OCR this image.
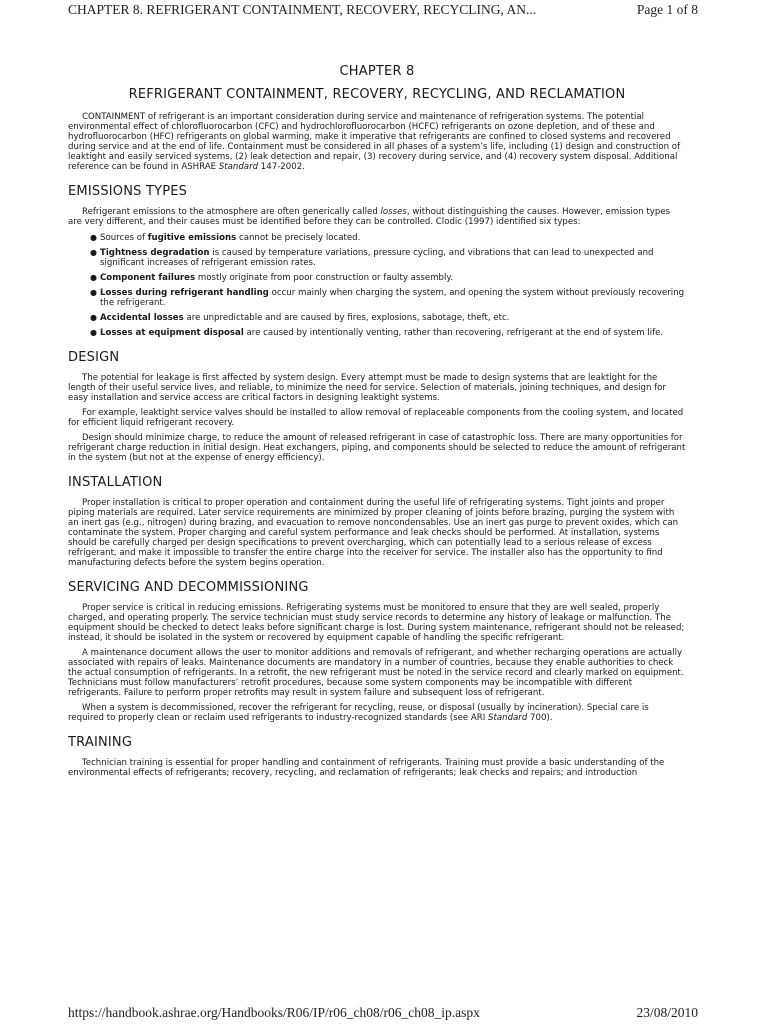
CHAPTER 8. REFRIGERANT CONTAINMENT, RECOVERY, RECYCLING, AN...	Page 1 of 8
CHAPTER 8
REFRIGERANT CONTAINMENT, RECOVERY, RECYCLING, AND RECLAMATION

CONTAINMENT of refrigerant is an important consideration during service and maintenance of refrigeration systems. The potential environmental effect of chlorofluorocarbon (CFC) and hydrochlorofluorocarbon (HCFC) refrigerants on ozone depletion, and of these and hydrofluorocarbon (HFC) refrigerants on global warming, make it imperative that refrigerants are confined to closed systems and recovered during service and at the end of life. Containment must be considered in all phases of a system’s life, including (1) design and construction of leaktight and easily serviced systems, (2) leak detection and repair, (3) recovery during service, and (4) recovery system disposal. Additional reference can be found in ASHRAE Standard 147-2002.

EMISSIONS TYPES

Refrigerant emissions to the atmosphere are often generically called losses, without distinguishing the causes. However, emission types are very different, and their causes must be identified before they can be controlled. Clodic (1997) identified six types:

● Sources of fugitive emissions cannot be precisely located.
● Tightness degradation is caused by temperature variations, pressure cycling, and vibrations that can lead to unexpected and significant increases of refrigerant emission rates.
● Component failures mostly originate from poor construction or faulty assembly.
● Losses during refrigerant handling occur mainly when charging the system, and opening the system without previously recovering the refrigerant.
● Accidental losses are unpredictable and are caused by fires, explosions, sabotage, theft, etc.
● Losses at equipment disposal are caused by intentionally venting, rather than recovering, refrigerant at the end of system life.
DESIGN

The potential for leakage is first affected by system design. Every attempt must be made to design systems that are leaktight for the length of their useful service lives, and reliable, to minimize the need for service. Selection of materials, joining techniques, and design for easy installation and service access are critical factors in designing leaktight systems.

For example, leaktight service valves should be installed to allow removal of replaceable components from the cooling system, and located for efficient liquid refrigerant recovery.

Design should minimize charge, to reduce the amount of released refrigerant in case of catastrophic loss. There are many opportunities for refrigerant charge reduction in initial design. Heat exchangers, piping, and components should be selected to reduce the amount of refrigerant in the system (but not at the expense of energy efficiency).

INSTALLATION

Proper installation is critical to proper operation and containment during the useful life of refrigerating systems. Tight joints and proper piping materials are required. Later service requirements are minimized by proper cleaning of joints before brazing, purging the system with an inert gas (e.g., nitrogen) during brazing, and evacuation to remove noncondensables. Use an inert gas purge to prevent oxides, which can contaminate the system. Proper charging and careful system performance and leak checks should be performed. At installation, systems should be carefully charged per design specifications to prevent overcharging, which can potentially lead to a serious release of excess refrigerant, and make it impossible to transfer the entire charge into the receiver for service. The installer also has the opportunity to find manufacturing defects before the system begins operation.

SERVICING AND DECOMMISSIONING

Proper service is critical in reducing emissions. Refrigerating systems must be monitored to ensure that they are well sealed, properly charged, and operating properly. The service technician must study service records to determine any history of leakage or malfunction. The equipment should be checked to detect leaks before significant charge is lost. During system maintenance, refrigerant should not be released; instead, it should be isolated in the system or recovered by equipment capable of handling the specific refrigerant.

A maintenance document allows the user to monitor additions and removals of refrigerant, and whether recharging operations are actually associated with repairs of leaks. Maintenance documents are mandatory in a number of countries, because they enable authorities to check the actual consumption of refrigerants. In a retrofit, the new refrigerant must be noted in the service record and clearly marked on equipment. Technicians must follow manufacturers’ retrofit procedures, because some system components may be incompatible with different refrigerants. Failure to perform proper retrofits may result in system failure and subsequent loss of refrigerant.

When a system is decommissioned, recover the refrigerant for recycling, reuse, or disposal (usually by incineration). Special care is required to properly clean or reclaim used refrigerants to industry-recognized standards (see ARI Standard 700).

TRAINING

Technician training is essential for proper handling and containment of refrigerants. Training must provide a basic understanding of the environmental effects of refrigerants; recovery, recycling, and reclamation of refrigerants; leak checks and repairs; and introduction

https://handbook.ashrae.org/Handbooks/R06/IP/r06_ch08/r06_ch08_ip.aspx	23/08/2010
